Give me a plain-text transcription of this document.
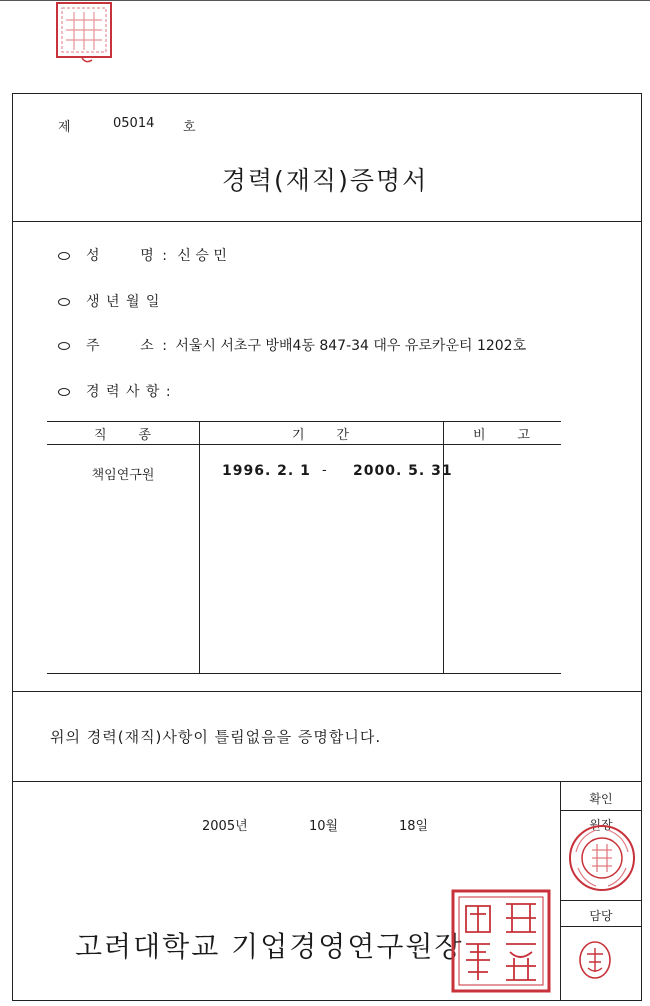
제	05014 호
경력(재직)증명서
성      명 : 신 승 민
생 년 월 일
주      소 : 서울시 서초구 방배4동 847-34 대우 유로카운티 1202호
경 력 사 항 :
직      종	기      간	비      고
책임연구원	1996. 2. 1 - 2000. 5. 31
위의 경력(재직)사항이 틀림없음을 증명합니다.
2005년	10월	18일
확인
원장
담당
고려대학교 기업경영연구원장
